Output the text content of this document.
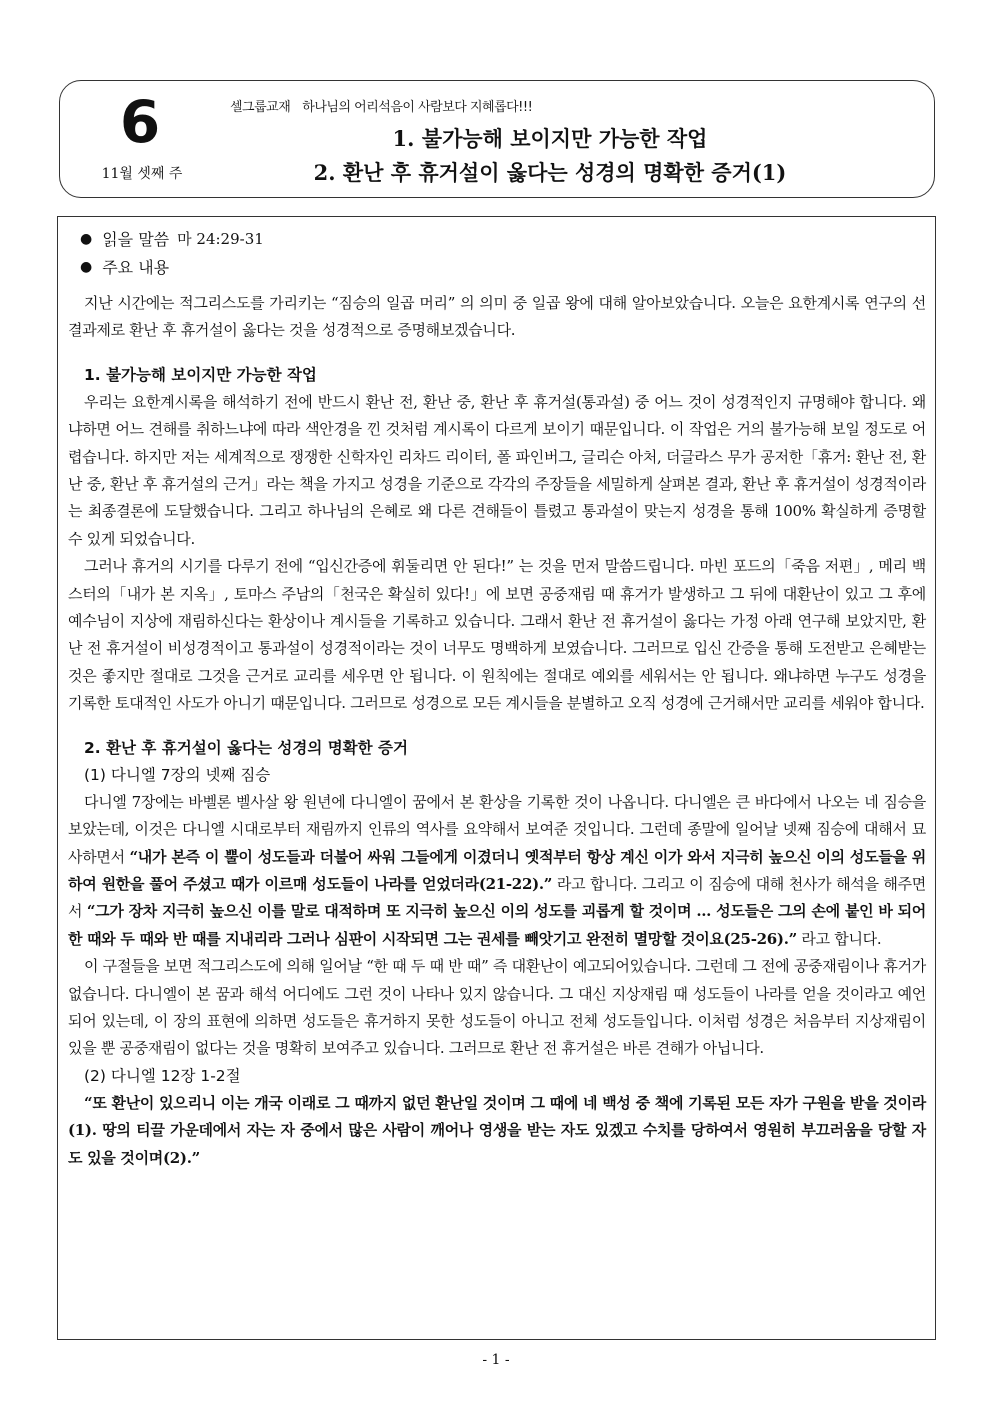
6
11월 셋째 주
셀그룹교재 하나님의 어리석음이 사람보다 지혜롭다!!!
1. 불가능해 보이지만 가능한 작업
2. 환난 후 휴거설이 옳다는 성경의 명확한 증거(1)
● 읽을 말씀 마 24:29-31
● 주요 내용

지난 시간에는 적그리스도를 가리키는 “짐승의 일곱 머리” 의 의미 중 일곱 왕에 대해 알아보았습니다. 오늘은 요한계시록 연구의 선결과제로 환난 후 휴거설이 옳다는 것을 성경적으로 증명해보겠습니다.

1. 불가능해 보이지만 가능한 작업

우리는 요한계시록을 해석하기 전에 반드시 환난 전, 환난 중, 환난 후 휴거설(통과설) 중 어느 것이 성경적인지 규명해야 합니다. 왜냐하면 어느 견해를 취하느냐에 따라 색안경을 낀 것처럼 계시록이 다르게 보이기 때문입니다. 이 작업은 거의 불가능해 보일 정도로 어렵습니다. 하지만 저는 세계적으로 쟁쟁한 신학자인 리차드 리이터, 폴 파인버그, 글리슨 아처, 더글라스 무가 공저한「휴거: 환난 전, 환난 중, 환난 후 휴거설의 근거」라는 책을 가지고 성경을 기준으로 각각의 주장들을 세밀하게 살펴본 결과, 환난 후 휴거설이 성경적이라는 최종결론에 도달했습니다. 그리고 하나님의 은혜로 왜 다른 견해들이 틀렸고 통과설이 맞는지 성경을 통해 100% 확실하게 증명할 수 있게 되었습니다.

그러나 휴거의 시기를 다루기 전에 “입신간증에 휘둘리면 안 된다!” 는 것을 먼저 말씀드립니다. 마빈 포드의「죽음 저편」, 메리 백스터의「내가 본 지옥」, 토마스 주남의「천국은 확실히 있다!」에 보면 공중재림 때 휴거가 발생하고 그 뒤에 대환난이 있고 그 후에 예수님이 지상에 재림하신다는 환상이나 계시들을 기록하고 있습니다. 그래서 환난 전 휴거설이 옳다는 가정 아래 연구해 보았지만, 환난 전 휴거설이 비성경적이고 통과설이 성경적이라는 것이 너무도 명백하게 보였습니다. 그러므로 입신 간증을 통해 도전받고 은혜받는 것은 좋지만 절대로 그것을 근거로 교리를 세우면 안 됩니다. 이 원칙에는 절대로 예외를 세워서는 안 됩니다. 왜냐하면 누구도 성경을 기록한 토대적인 사도가 아니기 때문입니다. 그러므로 성경으로 모든 계시들을 분별하고 오직 성경에 근거해서만 교리를 세워야 합니다.

2. 환난 후 휴거설이 옳다는 성경의 명확한 증거
(1) 다니엘 7장의 넷째 짐승

다니엘 7장에는 바벨론 벨사살 왕 원년에 다니엘이 꿈에서 본 환상을 기록한 것이 나옵니다. 다니엘은 큰 바다에서 나오는 네 짐승을 보았는데, 이것은 다니엘 시대로부터 재림까지 인류의 역사를 요약해서 보여준 것입니다. 그런데 종말에 일어날 넷째 짐승에 대해서 묘사하면서 “내가 본즉 이 뿔이 성도들과 더불어 싸워 그들에게 이겼더니 옛적부터 항상 계신 이가 와서 지극히 높으신 이의 성도들을 위하여 원한을 풀어 주셨고 때가 이르매 성도들이 나라를 얻었더라(21-22).” 라고 합니다. 그리고 이 짐승에 대해 천사가 해석을 해주면서 “그가 장차 지극히 높으신 이를 말로 대적하며 또 지극히 높으신 이의 성도를 괴롭게 할 것이며 … 성도들은 그의 손에 붙인 바 되어 한 때와 두 때와 반 때를 지내리라 그러나 심판이 시작되면 그는 권세를 빼앗기고 완전히 멸망할 것이요(25-26).” 라고 합니다.

이 구절들을 보면 적그리스도에 의해 일어날 “한 때 두 때 반 때” 즉 대환난이 예고되어있습니다. 그런데 그 전에 공중재림이나 휴거가 없습니다. 다니엘이 본 꿈과 해석 어디에도 그런 것이 나타나 있지 않습니다. 그 대신 지상재림 때 성도들이 나라를 얻을 것이라고 예언되어 있는데, 이 장의 표현에 의하면 성도들은 휴거하지 못한 성도들이 아니고 전체 성도들입니다. 이처럼 성경은 처음부터 지상재림이 있을 뿐 공중재림이 없다는 것을 명확히 보여주고 있습니다. 그러므로 환난 전 휴거설은 바른 견해가 아닙니다.

(2) 다니엘 12장 1-2절

“또 환난이 있으리니 이는 개국 이래로 그 때까지 없던 환난일 것이며 그 때에 네 백성 중 책에 기록된 모든 자가 구원을 받을 것이라(1). 땅의 티끌 가운데에서 자는 자 중에서 많은 사람이 깨어나 영생을 받는 자도 있겠고 수치를 당하여서 영원히 부끄러움을 당할 자도 있을 것이며(2).”

- 1 -
